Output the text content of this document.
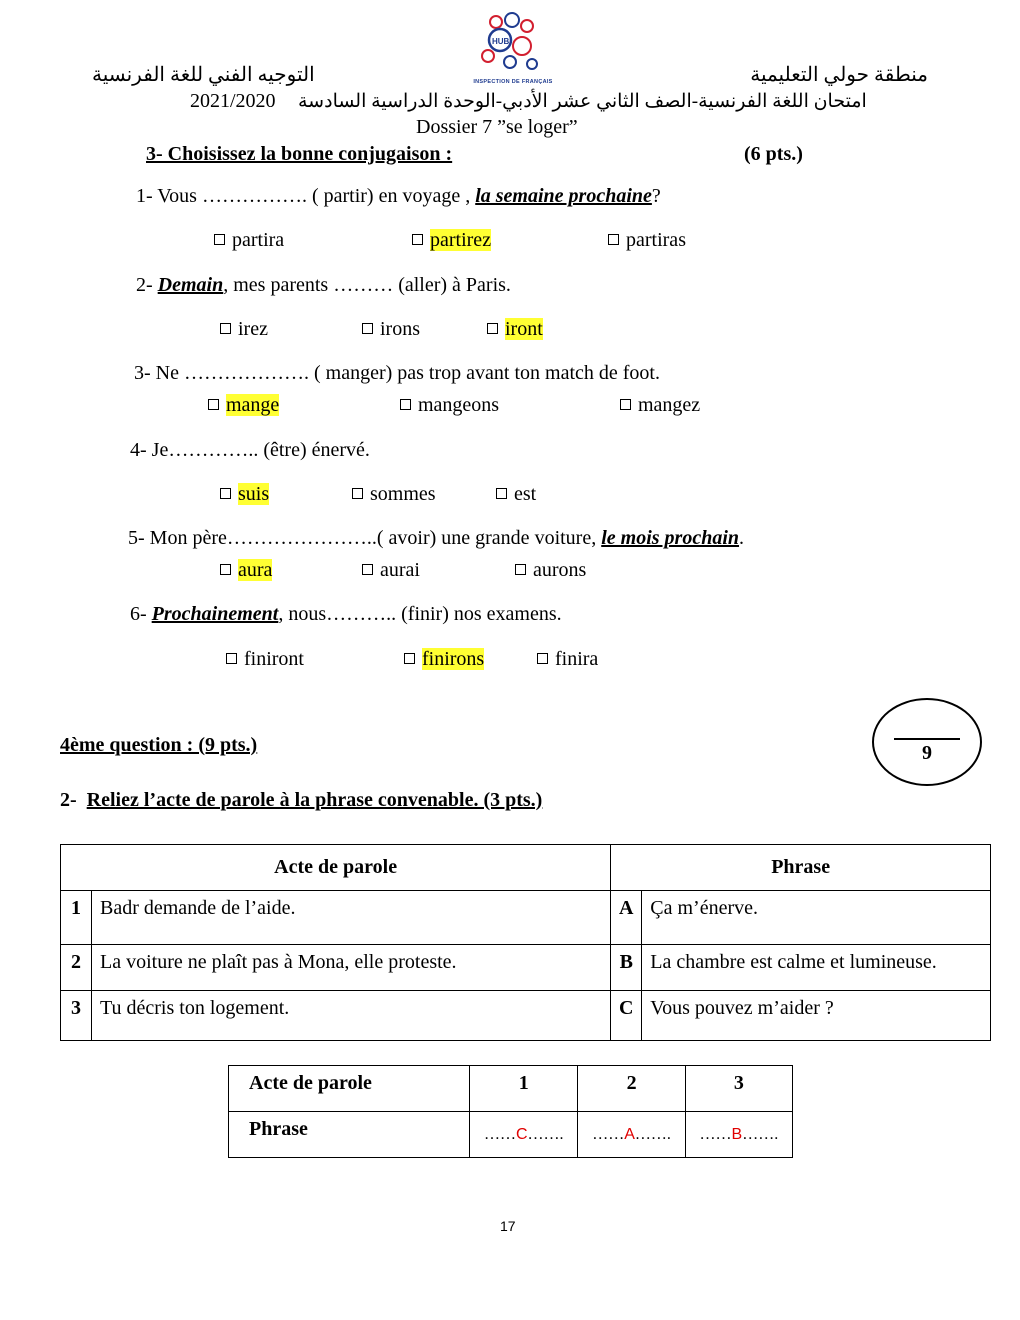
HUB
INSPECTION DE FRANÇAIS
التوجيه الفني للغة الفرنسية	منطقة حولي التعليمية
2021/2020 امتحان اللغة الفرنسية-الصف الثاني عشر الأدبي-الوحدة الدراسية السادسة
Dossier 7 ”se loger”
3- Choisissez la bonne conjugaison :	(6 pts.)
1- Vous ……………. ( partir) en voyage , la semaine prochaine?
partira	partirez	partiras
2- Demain, mes parents ……… (aller) à Paris.
irez	irons	iront
3- Ne ………………. ( manger) pas trop avant ton match de foot.
mange	mangeons	mangez
4- Je………….. (être) énervé.
suis	sommes	est
5- Mon père…………………..( avoir) une grande voiture, le mois prochain.
aura	aurai	aurons
6- Prochainement, nous……….. (finir) nos examens.
finiront	finirons	finira
4ème question : (9 pts.)	9
2- Reliez l’acte de parole à la phrase convenable. (3 pts.)
Acte de parole		Phrase	
1	Badr demande de l’aide.	A	Ça m’énerve.
2	La voiture ne plaît pas à Mona, elle proteste.	B	La chambre est calme et lumineuse.
3	Tu décris ton logement.	C	Vous pouvez m’aider ?
Acte de parole	1	2	3
Phrase	……C…….	……A…….	……B…….
17
